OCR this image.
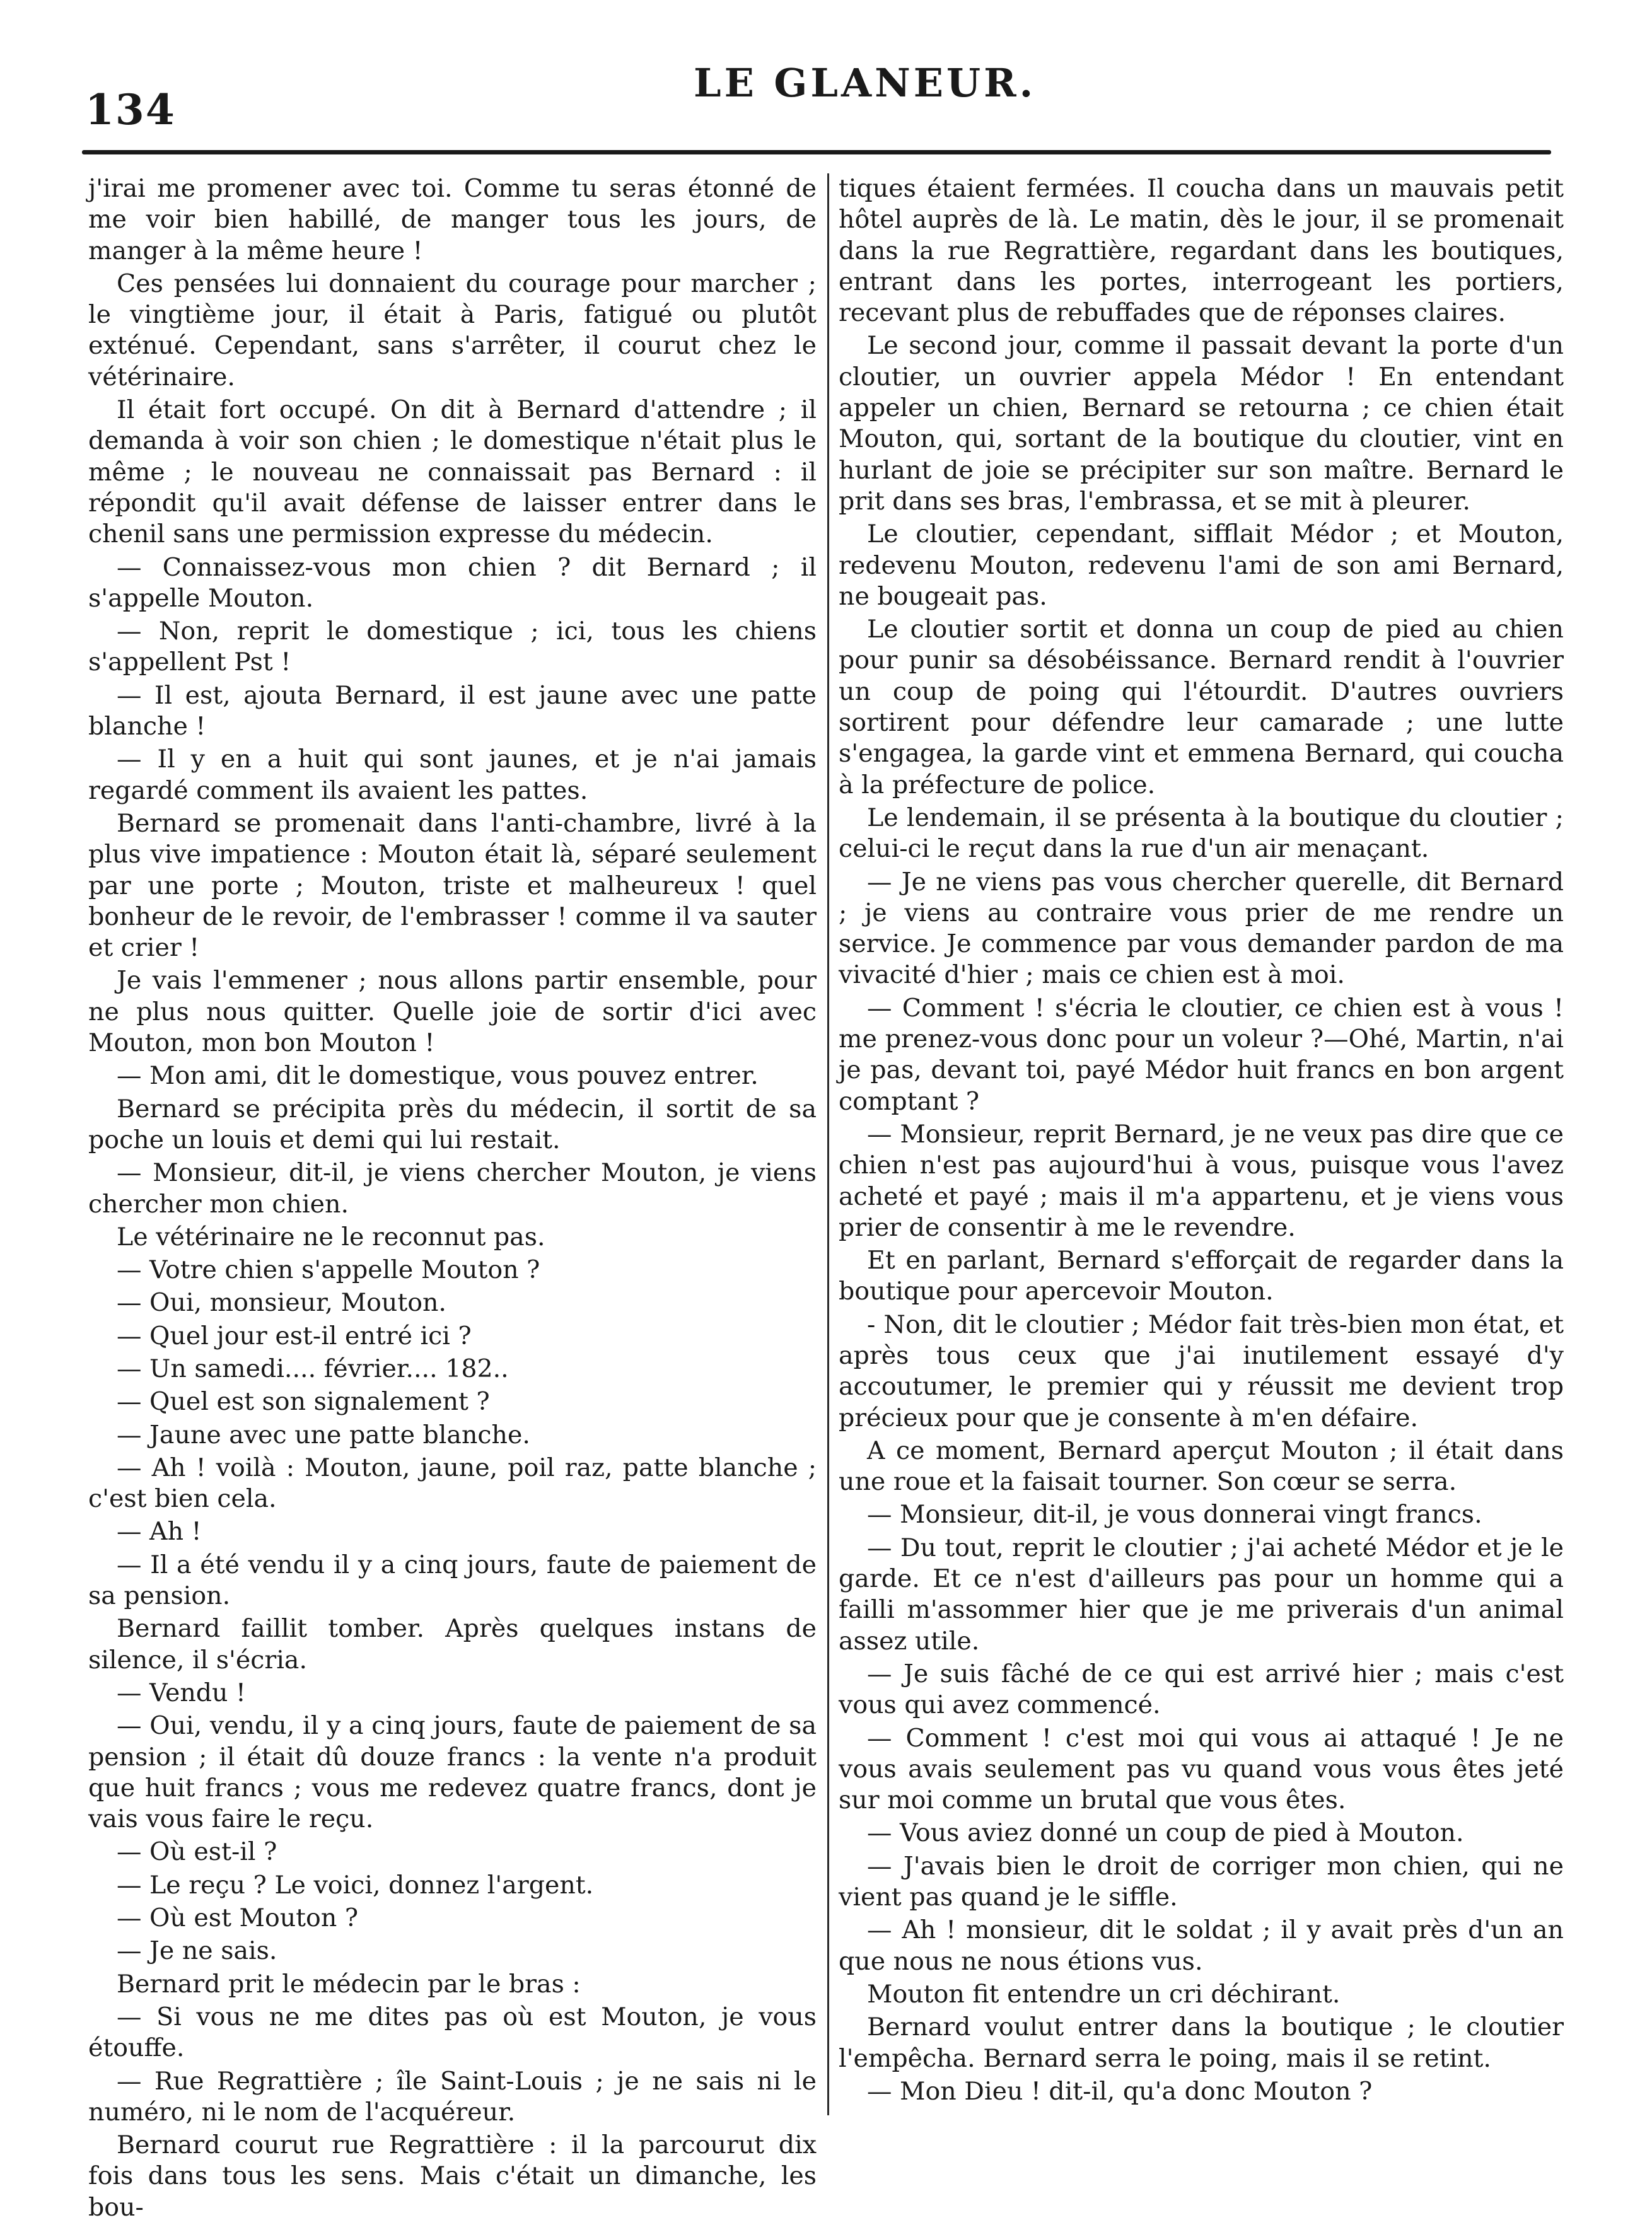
134
LE GLANEUR.

j'irai me promener avec toi. Comme tu seras étonné de me voir bien habillé, de manger tous les jours, de manger à la même heure !

Ces pensées lui donnaient du courage pour marcher ; le vingtième jour, il était à Paris, fatigué ou plutôt exténué. Cependant, sans s'arrêter, il courut chez le vétérinaire.

Il était fort occupé. On dit à Bernard d'attendre ; il demanda à voir son chien ; le domestique n'était plus le même ; le nouveau ne connaissait pas Bernard : il répondit qu'il avait défense de laisser entrer dans le chenil sans une permission expresse du médecin.

— Connaissez-vous mon chien ? dit Bernard ; il s'appelle Mouton.

— Non, reprit le domestique ; ici, tous les chiens s'appellent Pst !

— Il est, ajouta Bernard, il est jaune avec une patte blanche !

— Il y en a huit qui sont jaunes, et je n'ai jamais regardé comment ils avaient les pattes.

Bernard se promenait dans l'anti-chambre, livré à la plus vive impatience : Mouton était là, séparé seulement par une porte ; Mouton, triste et malheureux ! quel bonheur de le revoir, de l'embrasser ! comme il va sauter et crier !

Je vais l'emmener ; nous allons partir ensemble, pour ne plus nous quitter. Quelle joie de sortir d'ici avec Mouton, mon bon Mouton !

— Mon ami, dit le domestique, vous pouvez entrer.

Bernard se précipita près du médecin, il sortit de sa poche un louis et demi qui lui restait.

— Monsieur, dit-il, je viens chercher Mouton, je viens chercher mon chien.

Le vétérinaire ne le reconnut pas.

— Votre chien s'appelle Mouton ?

— Oui, monsieur, Mouton.

— Quel jour est-il entré ici ?

— Un samedi.... février.... 182..

— Quel est son signalement ?

— Jaune avec une patte blanche.

— Ah ! voilà : Mouton, jaune, poil raz, patte blanche ; c'est bien cela.

— Ah !

— Il a été vendu il y a cinq jours, faute de paiement de sa pension.

Bernard faillit tomber. Après quelques instans de silence, il s'écria.

— Vendu !

— Oui, vendu, il y a cinq jours, faute de paiement de sa pension ; il était dû douze francs : la vente n'a produit que huit francs ; vous me redevez quatre francs, dont je vais vous faire le reçu.

— Où est-il ?

— Le reçu ? Le voici, donnez l'argent.

— Où est Mouton ?

— Je ne sais.

Bernard prit le médecin par le bras :

— Si vous ne me dites pas où est Mouton, je vous étouffe.

— Rue Regrattière ; île Saint-Louis ; je ne sais ni le numéro, ni le nom de l'acquéreur.

Bernard courut rue Regrattière : il la parcourut dix fois dans tous les sens. Mais c'était un dimanche, les bou-

tiques étaient fermées. Il coucha dans un mauvais petit hôtel auprès de là. Le matin, dès le jour, il se promenait dans la rue Regrattière, regardant dans les boutiques, entrant dans les portes, interrogeant les portiers, recevant plus de rebuffades que de réponses claires.

Le second jour, comme il passait devant la porte d'un cloutier, un ouvrier appela Médor ! En entendant appeler un chien, Bernard se retourna ; ce chien était Mouton, qui, sortant de la boutique du cloutier, vint en hurlant de joie se précipiter sur son maître. Bernard le prit dans ses bras, l'embrassa, et se mit à pleurer.

Le cloutier, cependant, sifflait Médor ; et Mouton, redevenu Mouton, redevenu l'ami de son ami Bernard, ne bougeait pas.

Le cloutier sortit et donna un coup de pied au chien pour punir sa désobéissance. Bernard rendit à l'ouvrier un coup de poing qui l'étourdit. D'autres ouvriers sortirent pour défendre leur camarade ; une lutte s'engagea, la garde vint et emmena Bernard, qui coucha à la préfecture de police.

Le lendemain, il se présenta à la boutique du cloutier ; celui-ci le reçut dans la rue d'un air menaçant.

— Je ne viens pas vous chercher querelle, dit Bernard ; je viens au contraire vous prier de me rendre un service. Je commence par vous demander pardon de ma vivacité d'hier ; mais ce chien est à moi.

— Comment ! s'écria le cloutier, ce chien est à vous ! me prenez-vous donc pour un voleur ?—Ohé, Martin, n'ai je pas, devant toi, payé Médor huit francs en bon argent comptant ?

— Monsieur, reprit Bernard, je ne veux pas dire que ce chien n'est pas aujourd'hui à vous, puisque vous l'avez acheté et payé ; mais il m'a appartenu, et je viens vous prier de consentir à me le revendre.

Et en parlant, Bernard s'efforçait de regarder dans la boutique pour apercevoir Mouton.

- Non, dit le cloutier ; Médor fait très-bien mon état, et après tous ceux que j'ai inutilement essayé d'y accoutumer, le premier qui y réussit me devient trop précieux pour que je consente à m'en défaire.

A ce moment, Bernard aperçut Mouton ; il était dans une roue et la faisait tourner. Son cœur se serra.

— Monsieur, dit-il, je vous donnerai vingt francs.

— Du tout, reprit le cloutier ; j'ai acheté Médor et je le garde. Et ce n'est d'ailleurs pas pour un homme qui a failli m'assommer hier que je me priverais d'un animal assez utile.

— Je suis fâché de ce qui est arrivé hier ; mais c'est vous qui avez commencé.

— Comment ! c'est moi qui vous ai attaqué ! Je ne vous avais seulement pas vu quand vous vous êtes jeté sur moi comme un brutal que vous êtes.

— Vous aviez donné un coup de pied à Mouton.

— J'avais bien le droit de corriger mon chien, qui ne vient pas quand je le siffle.

— Ah ! monsieur, dit le soldat ; il y avait près d'un an que nous ne nous étions vus.

Mouton fit entendre un cri déchirant.

Bernard voulut entrer dans la boutique ; le cloutier l'empêcha. Bernard serra le poing, mais il se retint.

— Mon Dieu ! dit-il, qu'a donc Mouton ?
